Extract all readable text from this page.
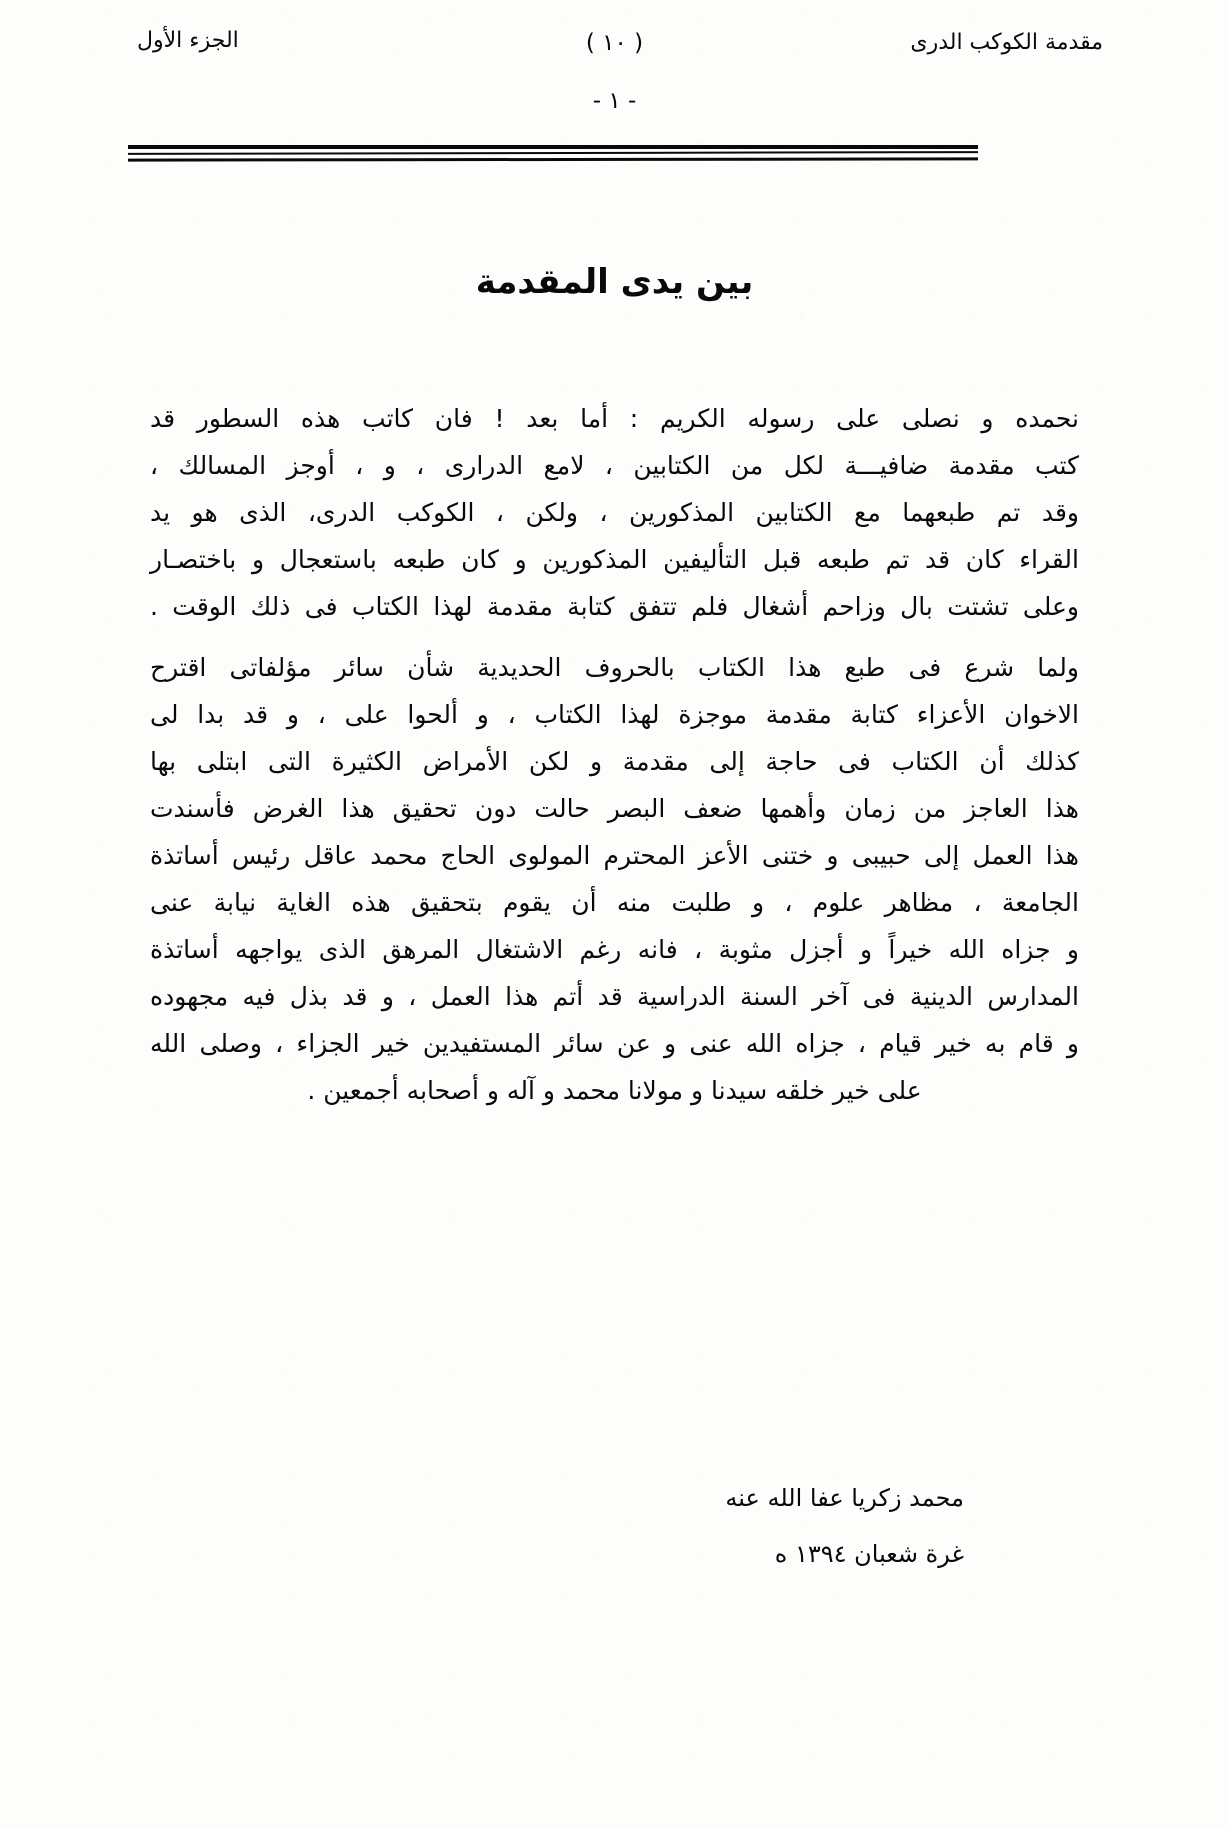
مقدمة الكوكب الدرى
( ١٠ )
الجزء الأول
- ١ -
بين يدى المقدمة
نحمده و نصلى على رسوله الكريم : أما بعد ! فان كاتب هذه السطور قد
كتب مقدمة ضافيـــة لكل من الكتابين ، لامع الدرارى ، و ، أوجز المسالك ،
وقد تم طبعهما مع الكتابين المذكورين ، ولكن ، الكوكب الدرى، الذى هو يد
القراء كان قد تم طبعه قبل التأليفين المذكورين و كان طبعه باستعجال و باختصـار
وعلى تشتت بال وزاحم أشغال فلم تتفق كتابة مقدمة لهذا الكتاب فى ذلك الوقت .
ولما شرع فى طبع هذا الكتاب بالحروف الحديدية شأن سائر مؤلفاتى اقترح
الاخوان الأعزاء كتابة مقدمة موجزة لهذا الكتاب ، و ألحوا على ، و قد بدا لى
كذلك أن الكتاب فى حاجة إلى مقدمة و لكن الأمراض الكثيرة التى ابتلى بها
هذا العاجز من زمان وأهمها ضعف البصر حالت دون تحقيق هذا الغرض فأسندت
هذا العمل إلى حبيبى و ختنى الأعز المحترم المولوى الحاج محمد عاقل رئيس أساتذة
الجامعة ، مظاهر علوم ، و طلبت منه أن يقوم بتحقيق هذه الغاية نيابة عنى
و جزاه الله خيراً و أجزل مثوبة ، فانه رغم الاشتغال المرهق الذى يواجهه أساتذة
المدارس الدينية فى آخر السنة الدراسية قد أتم هذا العمل ، و قد بذل فيه مجهوده
و قام به خير قيام ، جزاه الله عنى و عن سائر المستفيدين خير الجزاء ، وصلى الله
على خير خلقه سيدنا و مولانا محمد و آله و أصحابه أجمعين .
محمد زكريا عفا الله عنه
غرة شعبان ١٣٩٤ ه
